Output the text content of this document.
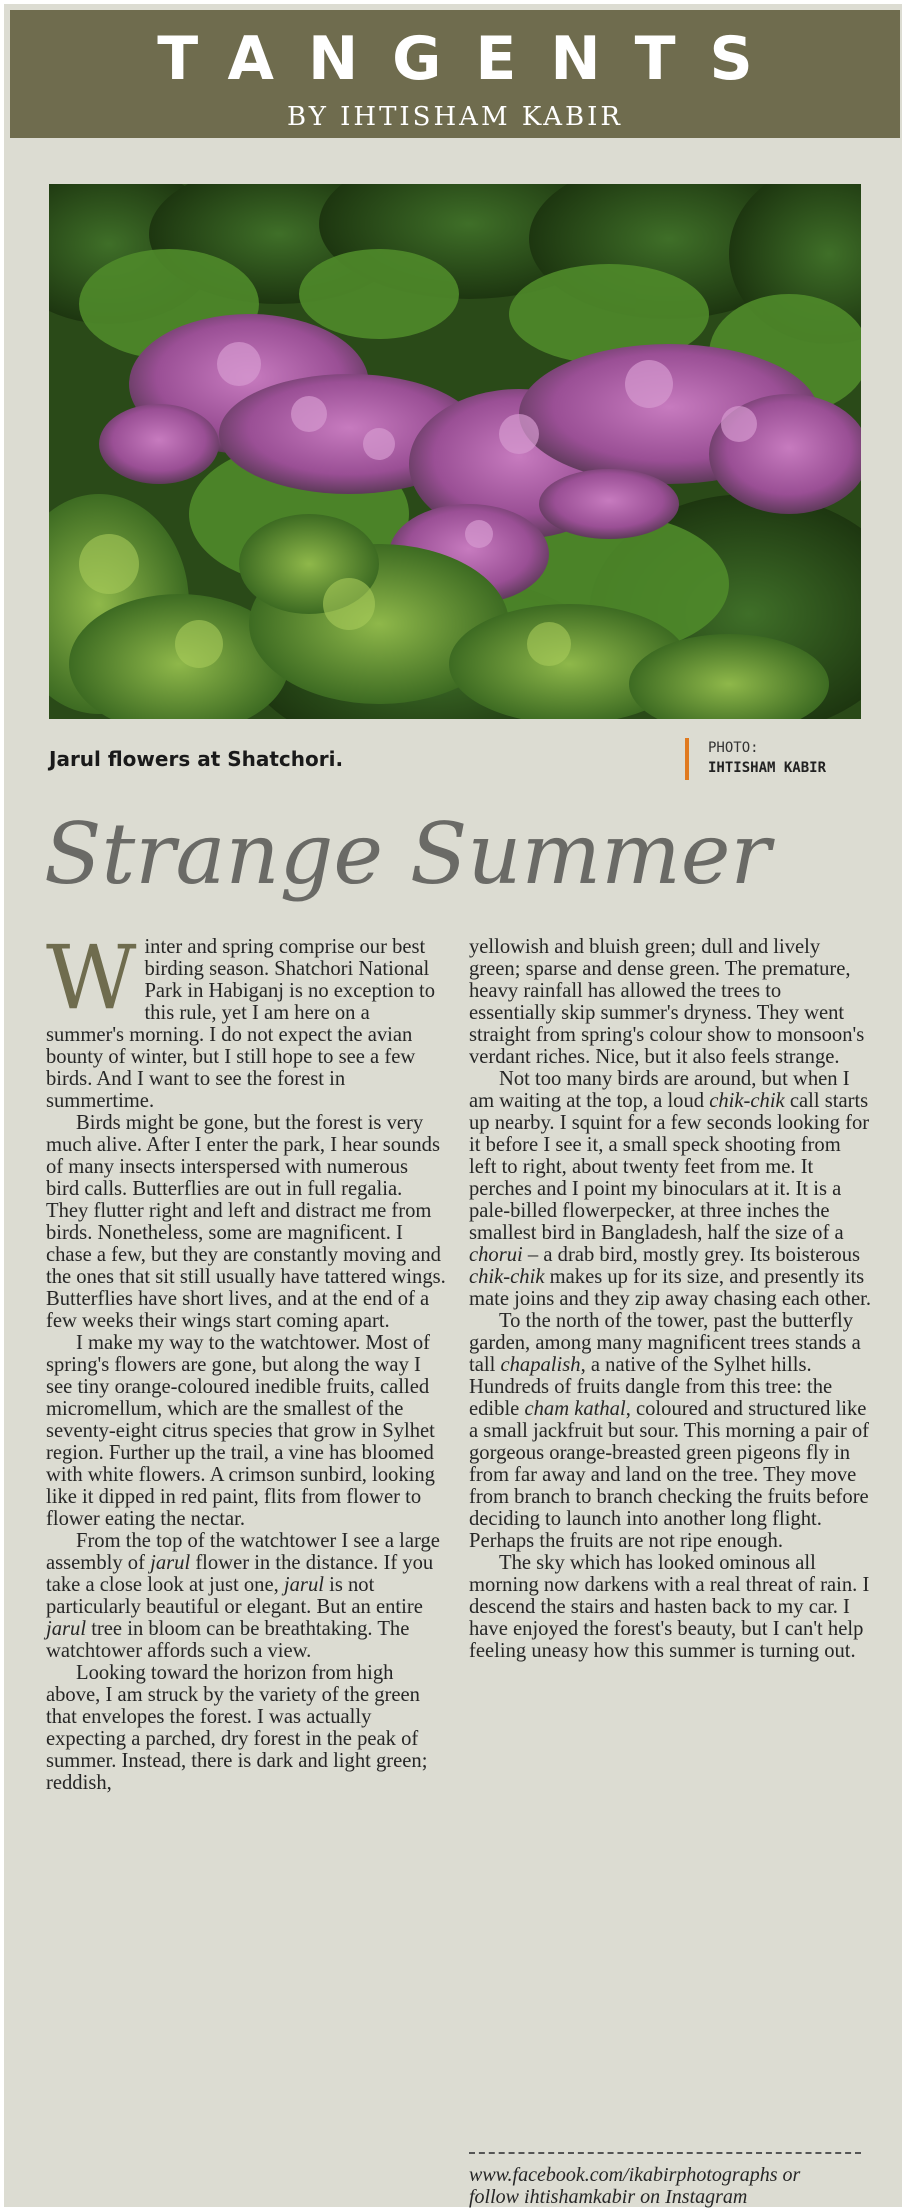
TANGENTS
BY IHTISHAM KABIR
Jarul flowers at Shatchori.	PHOTO:
IHTISHAM KABIR
Strange Summer

Winter and spring comprise our best birding season. Shatchori National Park in Habiganj is no exception to this rule, yet I am here on a summer's morning. I do not expect the avian bounty of winter, but I still hope to see a few birds. And I want to see the forest in summertime.

Birds might be gone, but the forest is very much alive. After I enter the park, I hear sounds of many insects interspersed with numerous bird calls. Butterflies are out in full regalia. They flutter right and left and distract me from birds. Nonetheless, some are magnificent. I chase a few, but they are constantly moving and the ones that sit still usually have tattered wings. Butterflies have short lives, and at the end of a few weeks their wings start coming apart.

I make my way to the watchtower. Most of spring's flowers are gone, but along the way I see tiny orange-coloured inedible fruits, called micromellum, which are the smallest of the seventy-eight citrus species that grow in Sylhet region. Further up the trail, a vine has bloomed with white flowers. A crimson sunbird, looking like it dipped in red paint, flits from flower to flower eating the nectar.

From the top of the watchtower I see a large assembly of jarul flower in the distance. If you take a close look at just one, jarul is not particularly beautiful or elegant. But an entire jarul tree in bloom can be breathtaking. The watchtower affords such a view.

Looking toward the horizon from high above, I am struck by the variety of the green that envelopes the forest. I was actually expecting a parched, dry forest in the peak of summer. Instead, there is dark and light green; reddish,

yellowish and bluish green; dull and lively green; sparse and dense green. The premature, heavy rainfall has allowed the trees to essentially skip summer's dryness. They went straight from spring's colour show to monsoon's verdant riches. Nice, but it also feels strange.

Not too many birds are around, but when I am waiting at the top, a loud chik-chik call starts up nearby. I squint for a few seconds looking for it before I see it, a small speck shooting from left to right, about twenty feet from me. It perches and I point my binoculars at it. It is a pale-billed flowerpecker, at three inches the smallest bird in Bangladesh, half the size of a chorui – a drab bird, mostly grey. Its boisterous chik-chik makes up for its size, and presently its mate joins and they zip away chasing each other.

To the north of the tower, past the butterfly garden, among many magnificent trees stands a tall chapalish, a native of the Sylhet hills. Hundreds of fruits dangle from this tree: the edible cham kathal, coloured and structured like a small jackfruit but sour. This morning a pair of gorgeous orange-breasted green pigeons fly in from far away and land on the tree. They move from branch to branch checking the fruits before deciding to launch into another long flight. Perhaps the fruits are not ripe enough.

The sky which has looked ominous all morning now darkens with a real threat of rain. I descend the stairs and hasten back to my car. I have enjoyed the forest's beauty, but I can't help feeling uneasy how this summer is turning out.

www.facebook.com/ikabirphotographs or
follow ihtishamkabir on Instagram
